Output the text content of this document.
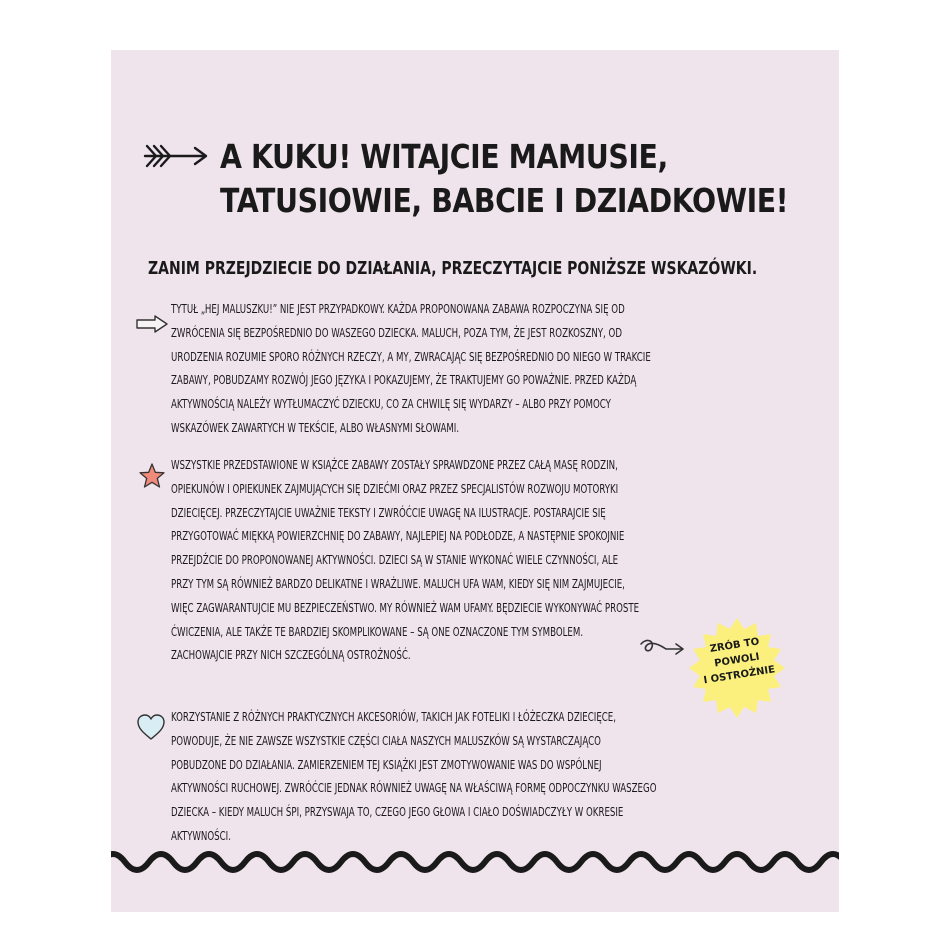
A KUKU! WITAJCIE MAMUSIE,
TATUSIOWIE, BABCIE I DZIADKOWIE!
ZANIM PRZEJDZIECIE DO DZIAŁANIA, PRZECZYTAJCIE PONIŻSZE WSKAZÓWKI.

TYTUŁ „HEJ MALUSZKU!” NIE JEST PRZYPADKOWY. KAŻDA PROPONOWANA ZABAWA ROZPOCZYNA SIĘ OD
ZWRÓCENIA SIĘ BEZPOŚREDNIO DO WASZEGO DZIECKA. MALUCH, POZA TYM, ŻE JEST ROZKOSZNY, OD
URODZENIA ROZUMIE SPORO RÓŻNYCH RZECZY, A MY, ZWRACAJĄC SIĘ BEZPOŚREDNIO DO NIEGO W TRAKCIE
ZABAWY, POBUDZAMY ROZWÓJ JEGO JĘZYKA I POKAZUJEMY, ŻE TRAKTUJEMY GO POWAŻNIE. PRZED KAŻDĄ
AKTYWNOŚCIĄ NALEŻY WYTŁUMACZYĆ DZIECKU, CO ZA CHWILĘ SIĘ WYDARZY – ALBO PRZY POMOCY
WSKAZÓWEK ZAWARTYCH W TEKŚCIE, ALBO WŁASNYMI SŁOWAMI.

WSZYSTKIE PRZEDSTAWIONE W KSIĄŻCE ZABAWY ZOSTAŁY SPRAWDZONE PRZEZ CAŁĄ MASĘ RODZIN,
OPIEKUNÓW I OPIEKUNEK ZAJMUJĄCYCH SIĘ DZIEĆMI ORAZ PRZEZ SPECJALISTÓW ROZWOJU MOTORYKI
DZIECIĘCEJ. PRZECZYTAJCIE UWAŻNIE TEKSTY I ZWRÓĆCIE UWAGĘ NA ILUSTRACJE. POSTARAJCIE SIĘ
PRZYGOTOWAĆ MIĘKKĄ POWIERZCHNIĘ DO ZABAWY, NAJLEPIEJ NA PODŁODZE, A NASTĘPNIE SPOKOJNIE
PRZEJDŹCIE DO PROPONOWANEJ AKTYWNOŚCI. DZIECI SĄ W STANIE WYKONAĆ WIELE CZYNNOŚCI, ALE
PRZY TYM SĄ RÓWNIEŻ BARDZO DELIKATNE I WRAŻLIWE. MALUCH UFA WAM, KIEDY SIĘ NIM ZAJMUJECIE,
WIĘC ZAGWARANTUJCIE MU BEZPIECZEŃSTWO. MY RÓWNIEŻ WAM UFAMY. BĘDZIECIE WYKONYWAĆ PROSTE
ĆWICZENIA, ALE TAKŻE TE BARDZIEJ SKOMPLIKOWANE – SĄ ONE OZNACZONE TYM SYMBOLEM.
ZACHOWAJCIE PRZY NICH SZCZEGÓLNĄ OSTROŻNOŚĆ.

ZRÓB TO
POWOLI
I OSTROŻNIE

KORZYSTANIE Z RÓŻNYCH PRAKTYCZNYCH AKCESORIÓW, TAKICH JAK FOTELIKI I ŁÓŻECZKA DZIECIĘCE,
POWODUJE, ŻE NIE ZAWSZE WSZYSTKIE CZĘŚCI CIAŁA NASZYCH MALUSZKÓW SĄ WYSTARCZAJĄCO
POBUDZONE DO DZIAŁANIA. ZAMIERZENIEM TEJ KSIĄŻKI JEST ZMOTYWOWANIE WAS DO WSPÓLNEJ
AKTYWNOŚCI RUCHOWEJ. ZWRÓĆCIE JEDNAK RÓWNIEŻ UWAGĘ NA WŁAŚCIWĄ FORMĘ ODPOCZYNKU WASZEGO
DZIECKA – KIEDY MALUCH ŚPI, PRZYSWAJA TO, CZEGO JEGO GŁOWA I CIAŁO DOŚWIADCZYŁY W OKRESIE
AKTYWNOŚCI.
